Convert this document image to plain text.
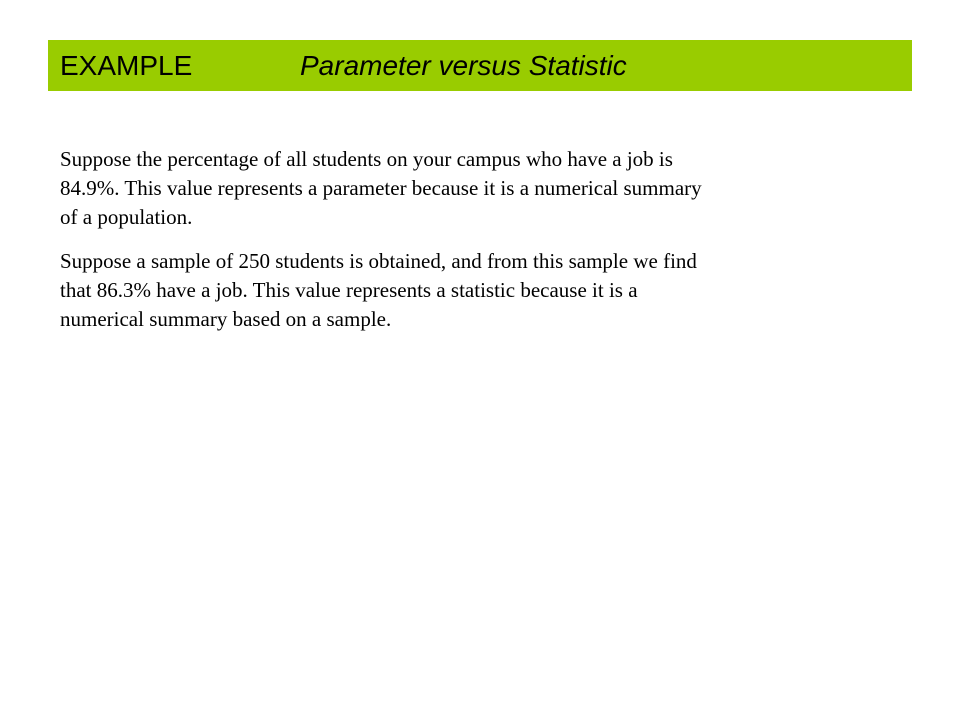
EXAMPLE	Parameter versus Statistic

Suppose the percentage of all students on your campus who have a job is
84.9%. This value represents a parameter because it is a numerical summary
of a population.

Suppose a sample of 250 students is obtained, and from this sample we find
that 86.3% have a job. This value represents a statistic because it is a
numerical summary based on a sample.
